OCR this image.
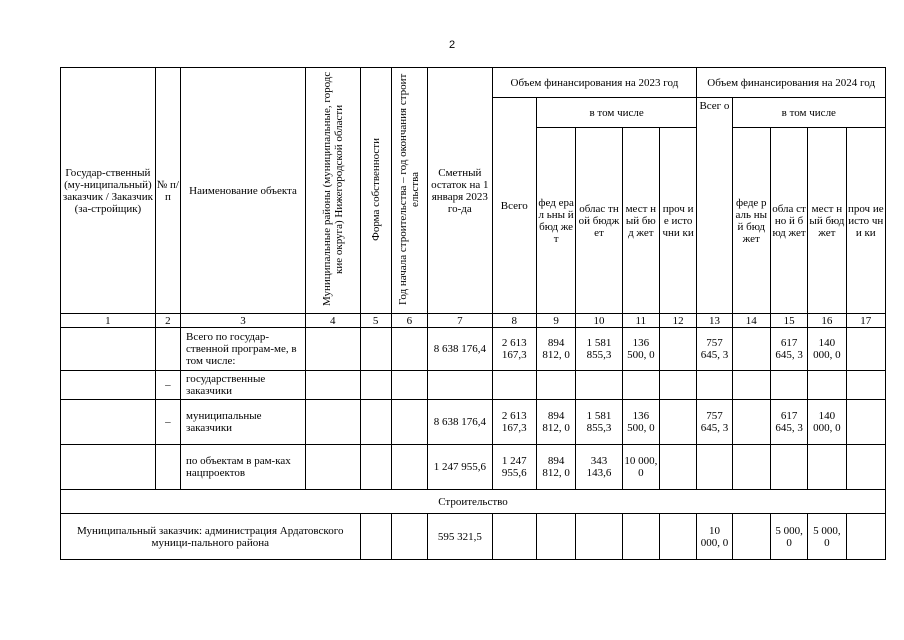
2
Государ-ственный (му-ниципальный) заказчик / Заказчик (за-стройщик)	№ п/ п	Наименование объекта	Муниципальные районы (муниципальные, городские округа) Нижегородской области	Форма собственности	Год начала строительства – год окончания строительства	Сметный остаток на 1 января 2023 го-да	Объем финансирования на 2023 год					Объем финансирования на 2024 год				
							Всего	в том числе				Всег о	в том числе			
								фед ерал ьны й бюд жет	облас тной бюдж ет	мест ный бюд жет	проч ие исто чни ки		феде раль ный бюд жет	обла стно й бюд жет	мест ный бюд жет	проч ие исто чни ки
1	2	3	4	5	6	7	8	9	10	11	12	13	14	15	16	17
		Всего по государ-ственной програм-ме, в том числе:				8 638 176,4	2 613 167,3	894 812, 0	1 581 855,3	136 500, 0		757 645, 3		617 645, 3	140 000, 0	
	–	государственные заказчики														
	–	муниципальные заказчики				8 638 176,4	2 613 167,3	894 812, 0	1 581 855,3	136 500, 0		757 645, 3		617 645, 3	140 000, 0	
		по объектам в рам-ках нацпроектов				1 247 955,6	1 247 955,6	894 812, 0	343 143,6	10 000, 0						
Строительство																
Муниципальный заказчик: администрация Ардатовского муници-пального района						595 321,5						10 000, 0		5 000, 0	5 000, 0	
